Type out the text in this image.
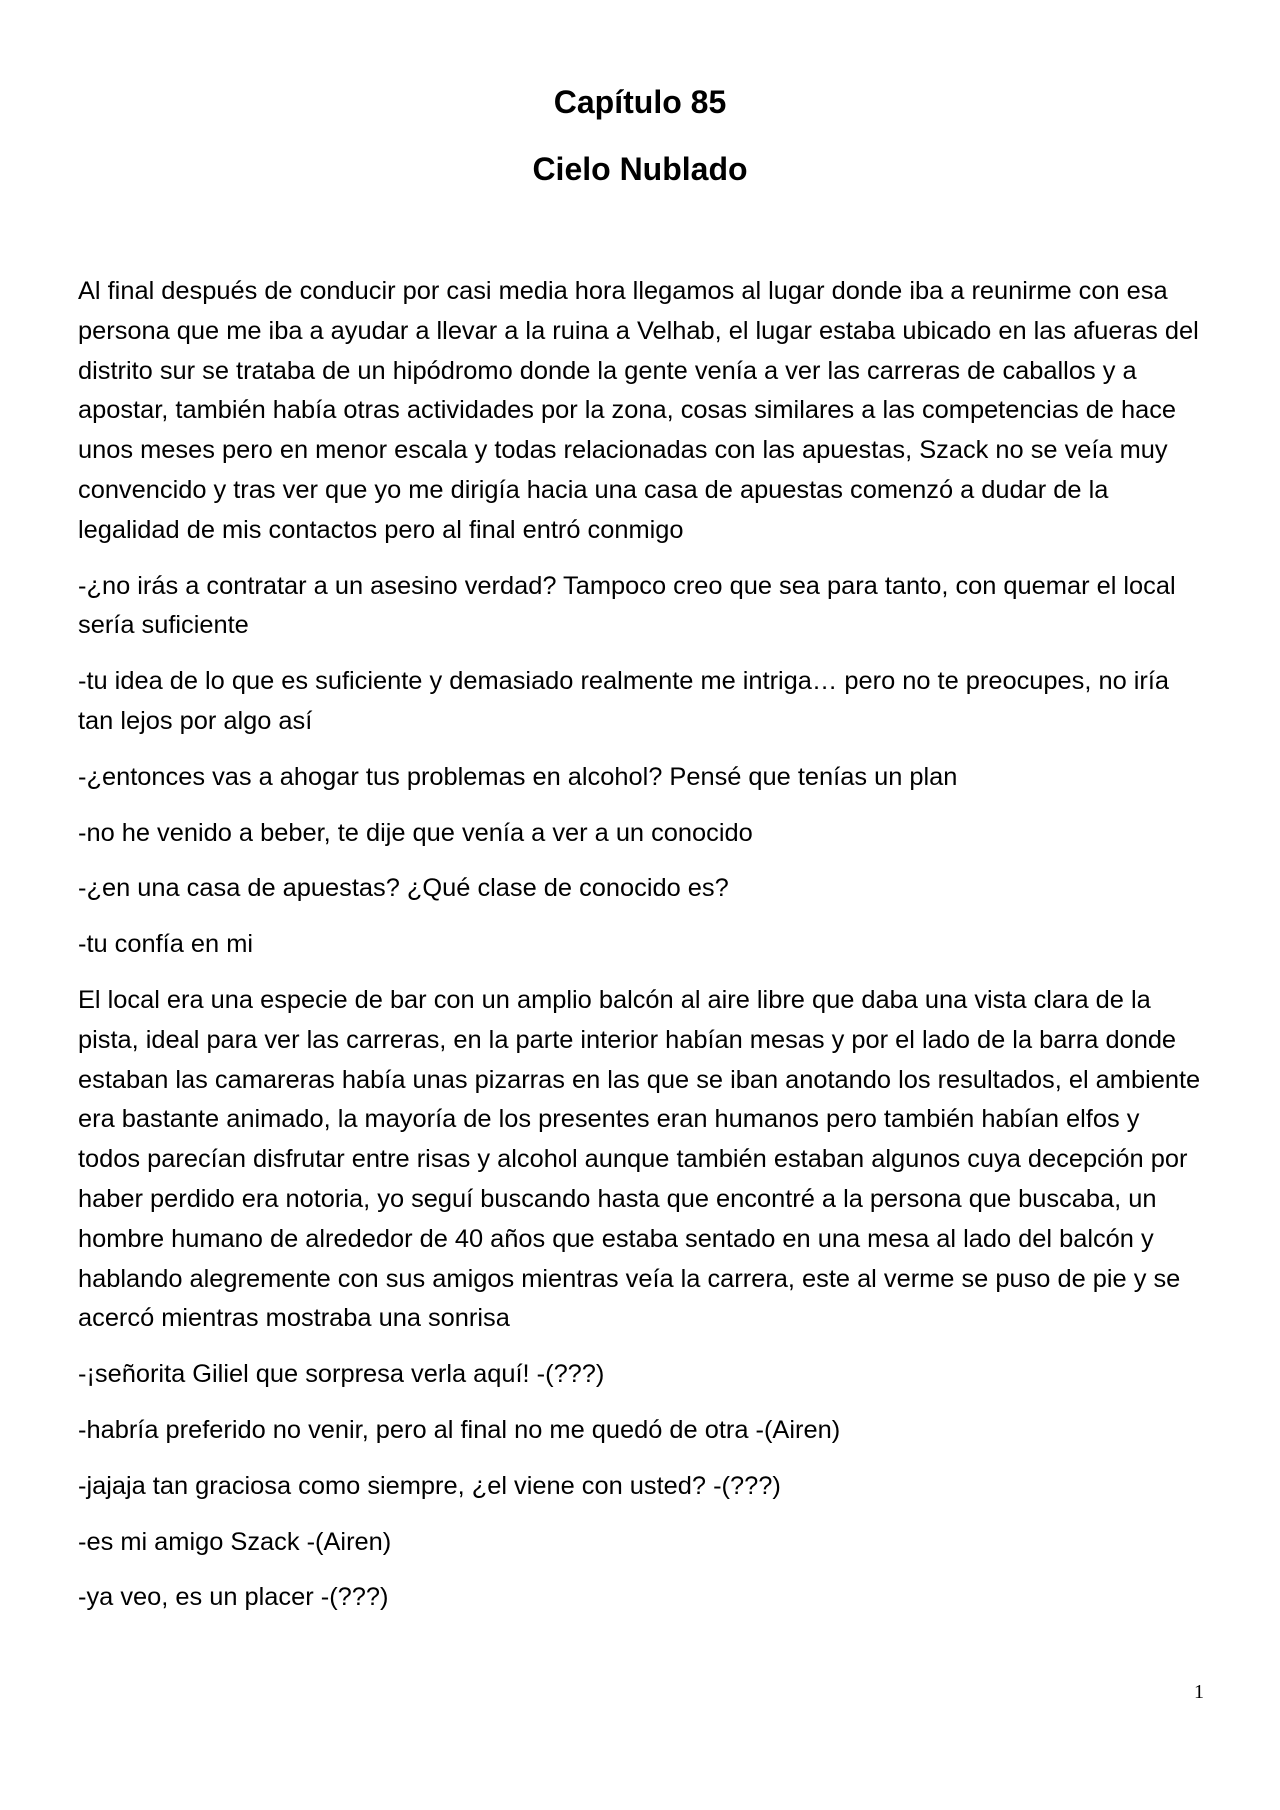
Capítulo 85
Cielo Nublado

Al final después de conducir por casi media hora llegamos al lugar donde iba a reunirme con esa persona que me iba a ayudar a llevar a la ruina a Velhab, el lugar estaba ubicado en las afueras del distrito sur se trataba de un hipódromo donde la gente venía a ver las carreras de caballos y a apostar, también había otras actividades por la zona, cosas similares a las competencias de hace unos meses pero en menor escala y todas relacionadas con las apuestas, Szack no se veía muy convencido y tras ver que yo me dirigía hacia una casa de apuestas comenzó a dudar de la legalidad de mis contactos pero al final entró conmigo

-¿no irás a contratar a un asesino verdad? Tampoco creo que sea para tanto, con quemar el local sería suficiente

-tu idea de lo que es suficiente y demasiado realmente me intriga… pero no te preocupes, no iría tan lejos por algo así

-¿entonces vas a ahogar tus problemas en alcohol? Pensé que tenías un plan

-no he venido a beber, te dije que venía a ver a un conocido

-¿en una casa de apuestas? ¿Qué clase de conocido es?

-tu confía en mi

El local era una especie de bar con un amplio balcón al aire libre que daba una vista clara de la pista, ideal para ver las carreras, en la parte interior habían mesas y por el lado de la barra donde estaban las camareras había unas pizarras en las que se iban anotando los resultados, el ambiente era bastante animado, la mayoría de los presentes eran humanos pero también habían elfos y todos parecían disfrutar entre risas y alcohol aunque también estaban algunos cuya decepción por haber perdido era notoria, yo seguí buscando hasta que encontré a la persona que buscaba, un hombre humano de alrededor de 40 años que estaba sentado en una mesa al lado del balcón y hablando alegremente con sus amigos mientras veía la carrera, este al verme se puso de pie y se acercó mientras mostraba una sonrisa

-¡señorita Giliel que sorpresa verla aquí! -(???)

-habría preferido no venir, pero al final no me quedó de otra -(Airen)

-jajaja tan graciosa como siempre, ¿el viene con usted? -(???)

-es mi amigo Szack -(Airen)

-ya veo, es un placer -(???)

1
